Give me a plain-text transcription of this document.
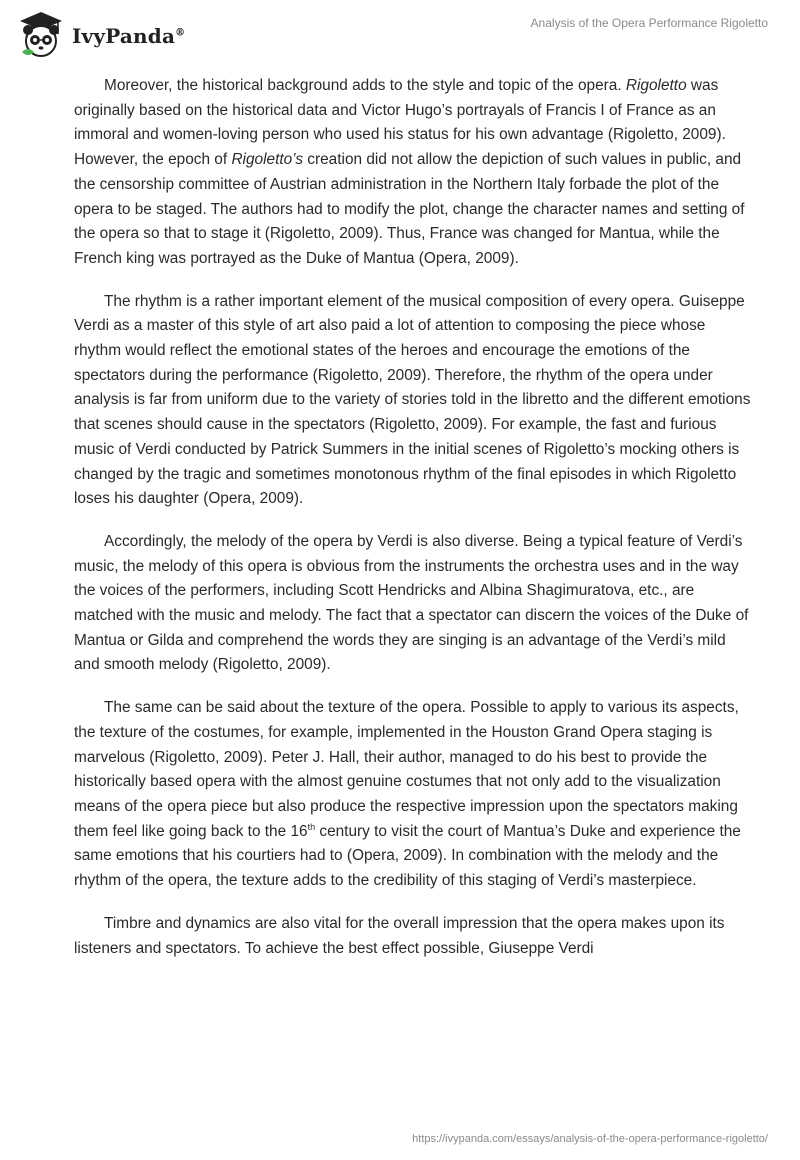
IvyPanda®
Analysis of the Opera Performance Rigoletto

Moreover, the historical background adds to the style and topic of the opera. Rigoletto was originally based on the historical data and Victor Hugo’s portrayals of Francis I of France as an immoral and women-loving person who used his status for his own advantage (Rigoletto, 2009). However, the epoch of Rigoletto’s creation did not allow the depiction of such values in public, and the censorship committee of Austrian administration in the Northern Italy forbade the plot of the opera to be staged. The authors had to modify the plot, change the character names and setting of the opera so that to stage it (Rigoletto, 2009). Thus, France was changed for Mantua, while the French king was portrayed as the Duke of Mantua (Opera, 2009).

The rhythm is a rather important element of the musical composition of every opera. Guiseppe Verdi as a master of this style of art also paid a lot of attention to composing the piece whose rhythm would reflect the emotional states of the heroes and encourage the emotions of the spectators during the performance (Rigoletto, 2009). Therefore, the rhythm of the opera under analysis is far from uniform due to the variety of stories told in the libretto and the different emotions that scenes should cause in the spectators (Rigoletto, 2009). For example, the fast and furious music of Verdi conducted by Patrick Summers in the initial scenes of Rigoletto’s mocking others is changed by the tragic and sometimes monotonous rhythm of the final episodes in which Rigoletto loses his daughter (Opera, 2009).

Accordingly, the melody of the opera by Verdi is also diverse. Being a typical feature of Verdi’s music, the melody of this opera is obvious from the instruments the orchestra uses and in the way the voices of the performers, including Scott Hendricks and Albina Shagimuratova, etc., are matched with the music and melody. The fact that a spectator can discern the voices of the Duke of Mantua or Gilda and comprehend the words they are singing is an advantage of the Verdi’s mild and smooth melody (Rigoletto, 2009).

The same can be said about the texture of the opera. Possible to apply to various its aspects, the texture of the costumes, for example, implemented in the Houston Grand Opera staging is marvelous (Rigoletto, 2009). Peter J. Hall, their author, managed to do his best to provide the historically based opera with the almost genuine costumes that not only add to the visualization means of the opera piece but also produce the respective impression upon the spectators making them feel like going back to the 16th century to visit the court of Mantua’s Duke and experience the same emotions that his courtiers had to (Opera, 2009). In combination with the melody and the rhythm of the opera, the texture adds to the credibility of this staging of Verdi’s masterpiece.

Timbre and dynamics are also vital for the overall impression that the opera makes upon its listeners and spectators. To achieve the best effect possible, Giuseppe Verdi

https://ivypanda.com/essays/analysis-of-the-opera-performance-rigoletto/
